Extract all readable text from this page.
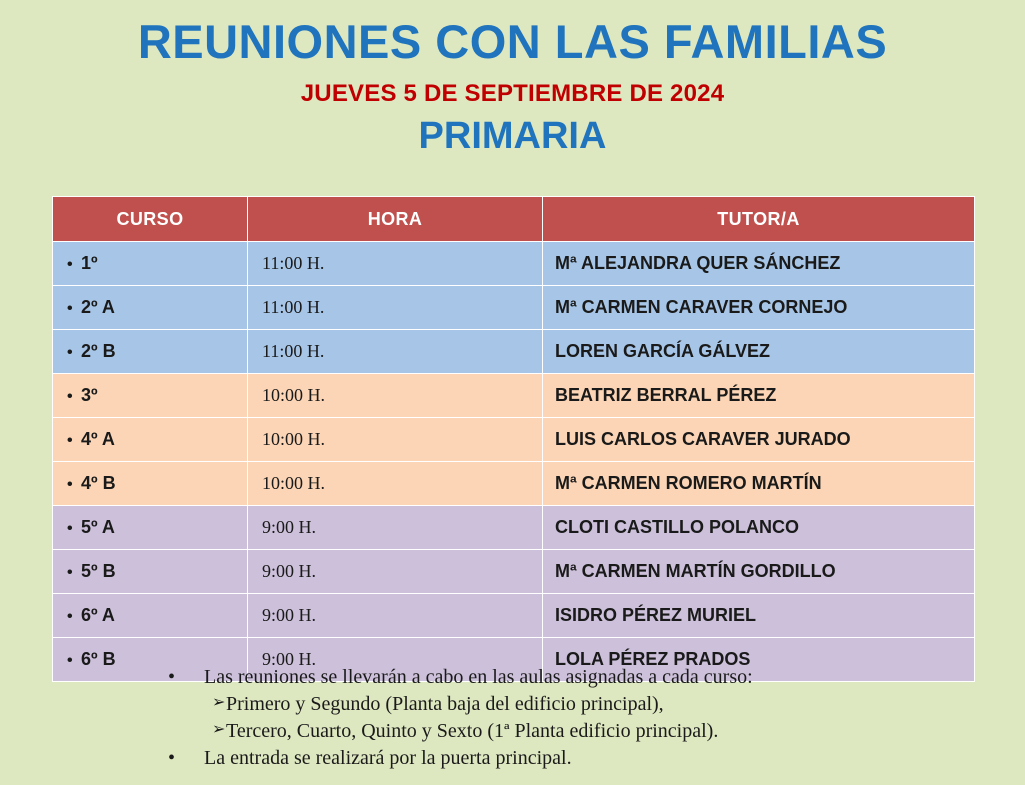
REUNIONES CON LAS FAMILIAS
JUEVES 5 DE SEPTIEMBRE DE 2024
PRIMARIA
CURSO	HORA	TUTOR/A
• 1º	11:00 H.	Mª ALEJANDRA QUER SÁNCHEZ
• 2º A	11:00 H.	Mª CARMEN CARAVER CORNEJO
• 2º B	11:00 H.	LOREN GARCÍA GÁLVEZ
• 3º	10:00 H.	BEATRIZ BERRAL PÉREZ
• 4º A	10:00 H.	LUIS CARLOS CARAVER JURADO
• 4º B	10:00 H.	Mª CARMEN ROMERO MARTÍN
• 5º A	9:00 H.	CLOTI CASTILLO POLANCO
• 5º B	9:00 H.	Mª CARMEN MARTÍN GORDILLO
• 6º A	9:00 H.	ISIDRO PÉREZ MURIEL
• 6º B	9:00 H.	LOLA PÉREZ PRADOS
•	Las reuniones se llevarán a cabo en las aulas asignadas a cada curso:
➢ Primero y Segundo (Planta baja del edificio principal),
➢ Tercero, Cuarto, Quinto y Sexto (1ª Planta edificio principal).
•	La entrada se realizará por la puerta principal.
